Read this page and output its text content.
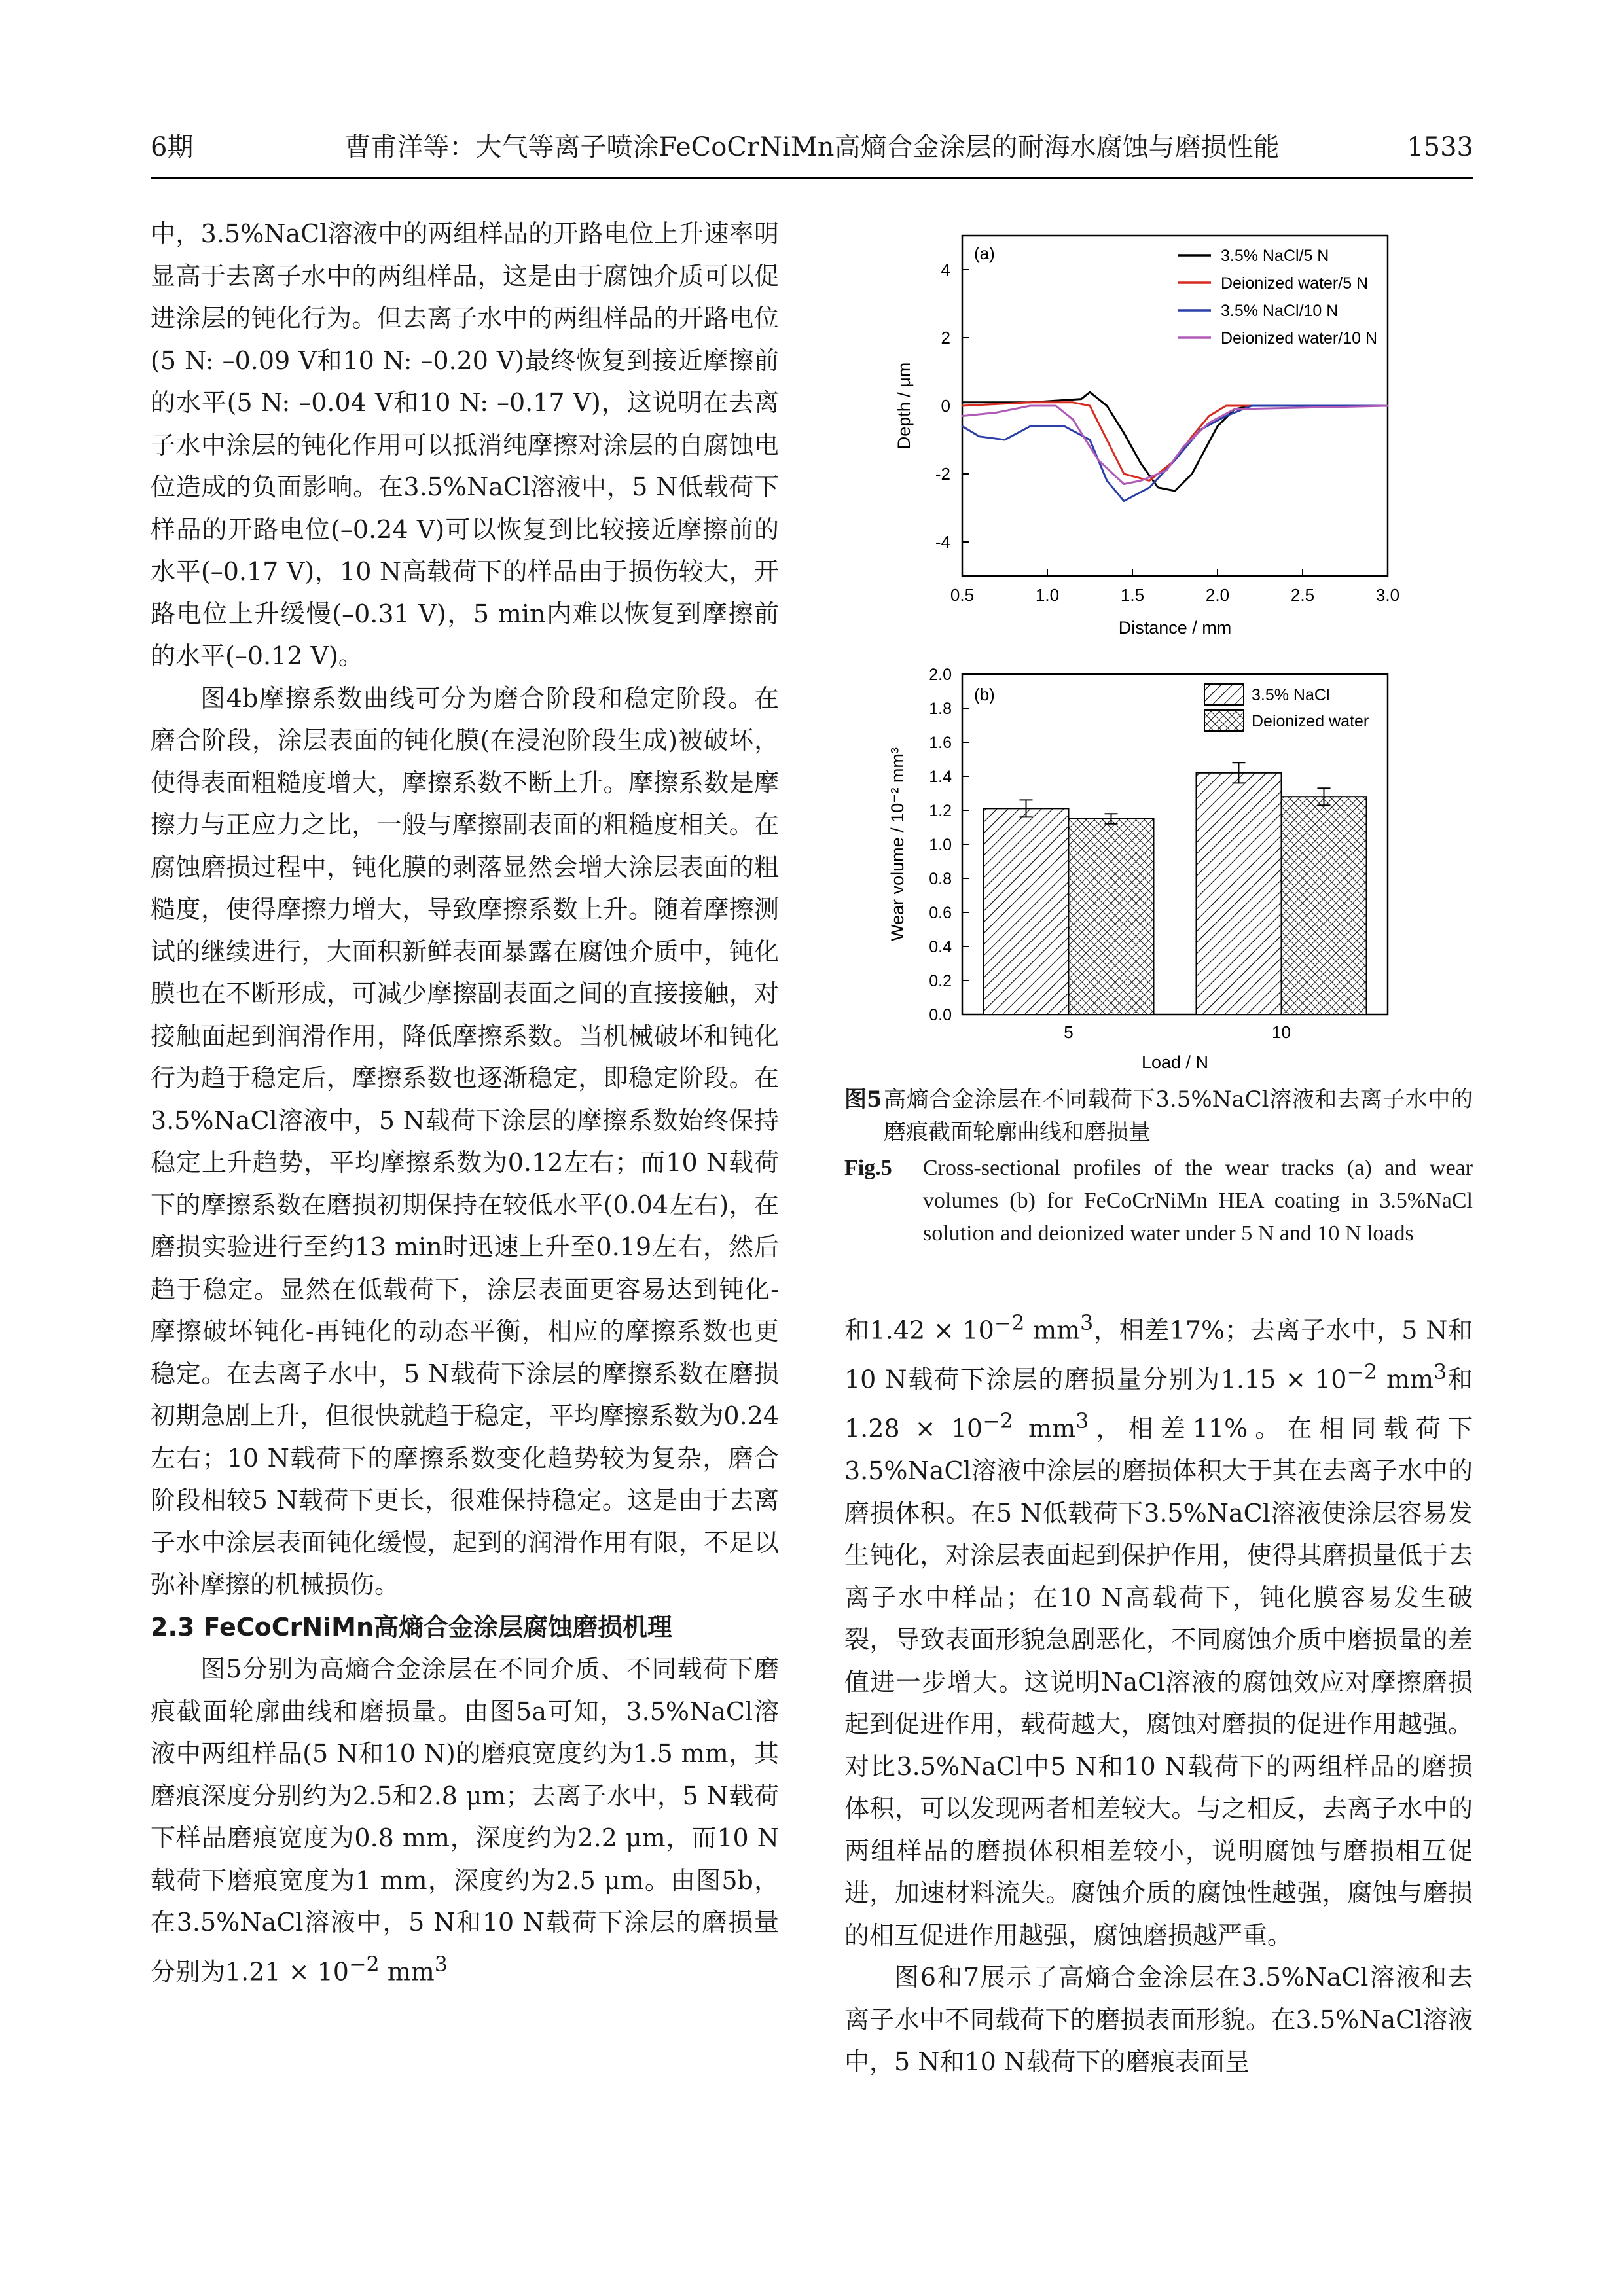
6期	曹甫洋等：大气等离子喷涂FeCoCrNiMn高熵合金涂层的耐海水腐蚀与磨损性能	1533

中，3.5%NaCl溶液中的两组样品的开路电位上升速率明显高于去离子水中的两组样品，这是由于腐蚀介质可以促进涂层的钝化行为。但去离子水中的两组样品的开路电位(5 N: –0.09 V和10 N: –0.20 V)最终恢复到接近摩擦前的水平(5 N: –0.04 V和10 N: –0.17 V)，这说明在去离子水中涂层的钝化作用可以抵消纯摩擦对涂层的自腐蚀电位造成的负面影响。在3.5%NaCl溶液中，5 N低载荷下样品的开路电位(–0.24 V)可以恢复到比较接近摩擦前的水平(–0.17 V)，10 N高载荷下的样品由于损伤较大，开路电位上升缓慢(–0.31 V)，5 min内难以恢复到摩擦前的水平(–0.12 V)。

图4b摩擦系数曲线可分为磨合阶段和稳定阶段。在磨合阶段，涂层表面的钝化膜(在浸泡阶段生成)被破坏，使得表面粗糙度增大，摩擦系数不断上升。摩擦系数是摩擦力与正应力之比，一般与摩擦副表面的粗糙度相关。在腐蚀磨损过程中，钝化膜的剥落显然会增大涂层表面的粗糙度，使得摩擦力增大，导致摩擦系数上升。随着摩擦测试的继续进行，大面积新鲜表面暴露在腐蚀介质中，钝化膜也在不断形成，可减少摩擦副表面之间的直接接触，对接触面起到润滑作用，降低摩擦系数。当机械破坏和钝化行为趋于稳定后，摩擦系数也逐渐稳定，即稳定阶段。在3.5%NaCl溶液中，5 N载荷下涂层的摩擦系数始终保持稳定上升趋势，平均摩擦系数为0.12左右；而10 N载荷下的摩擦系数在磨损初期保持在较低水平(0.04左右)，在磨损实验进行至约13 min时迅速上升至0.19左右，然后趋于稳定。显然在低载荷下，涂层表面更容易达到钝化-摩擦破坏钝化-再钝化的动态平衡，相应的摩擦系数也更稳定。在去离子水中，5 N载荷下涂层的摩擦系数在磨损初期急剧上升，但很快就趋于稳定，平均摩擦系数为0.24左右；10 N载荷下的摩擦系数变化趋势较为复杂，磨合阶段相较5 N载荷下更长，很难保持稳定。这是由于去离子水中涂层表面钝化缓慢，起到的润滑作用有限，不足以弥补摩擦的机械损伤。

2.3 FeCoCrNiMn高熵合金涂层腐蚀磨损机理

图5分别为高熵合金涂层在不同介质、不同载荷下磨痕截面轮廓曲线和磨损量。由图5a可知，3.5%NaCl溶液中两组样品(5 N和10 N)的磨痕宽度约为1.5 mm，其磨痕深度分别约为2.5和2.8 μm；去离子水中，5 N载荷下样品磨痕宽度为0.8 mm，深度约为2.2 μm，而10 N载荷下磨痕宽度为1 mm，深度约为2.5 μm。由图5b，在3.5%NaCl溶液中，5 N和10 N载荷下涂层的磨损量分别为$1.21 \times 10^{-2}$ $mm^3$

0.5	1.0	1.5	2.0	2.5	3.0
4
2
0
-2
-4
Distance / mm
Depth / μm
(a)	3.5% NaCl/5 N
Deionized water/5 N
3.5% NaCl/10 N
Deionized water/10 N
0.0
0.2
0.4
0.6
0.8
1.0
1.2
1.4
1.6
1.8
2.0
Wear volume / 10⁻² mm³
(b)
5	10
Load / N
3.5% NaCl
Deionized water
图5 高熵合金涂层在不同载荷下3.5%NaCl溶液和去离子水中的磨痕截面轮廓曲线和磨损量
Fig.5	Cross-sectional profiles of the wear tracks (a) and wear volumes (b) for FeCoCrNiMn HEA coating in 3.5%NaCl solution and deionized water under 5 N and 10 N loads

和$1.42 \times 10^{-2}$ $mm^3$，相差17%；去离子水中，5 N和10 N载荷下涂层的磨损量分别为$1.15 \times 10^{-2}$ $mm^3$和$1.28 \times 10^{-2}$ $mm^3$，相差11%。在相同载荷下3.5%NaCl溶液中涂层的磨损体积大于其在去离子水中的磨损体积。在5 N低载荷下3.5%NaCl溶液使涂层容易发生钝化，对涂层表面起到保护作用，使得其磨损量低于去离子水中样品；在10 N高载荷下，钝化膜容易发生破裂，导致表面形貌急剧恶化，不同腐蚀介质中磨损量的差值进一步增大。这说明NaCl溶液的腐蚀效应对摩擦磨损起到促进作用，载荷越大，腐蚀对磨损的促进作用越强。对比3.5%NaCl中5 N和10 N载荷下的两组样品的磨损体积，可以发现两者相差较大。与之相反，去离子水中的两组样品的磨损体积相差较小，说明腐蚀与磨损相互促进，加速材料流失。腐蚀介质的腐蚀性越强，腐蚀与磨损的相互促进作用越强，腐蚀磨损越严重。

图6和7展示了高熵合金涂层在3.5%NaCl溶液和去离子水中不同载荷下的磨损表面形貌。在3.5%NaCl溶液中，5 N和10 N载荷下的磨痕表面呈
